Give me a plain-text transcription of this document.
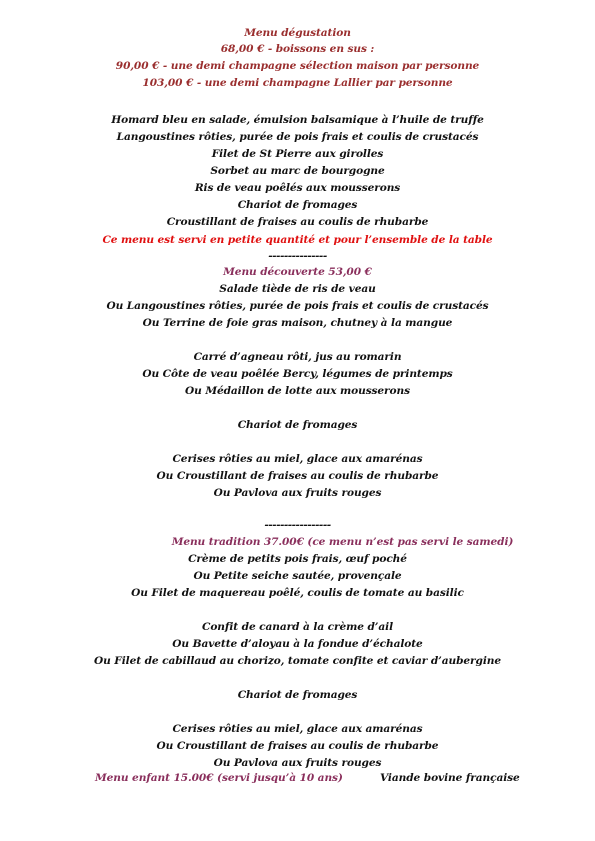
Menu dégustation
68,00 € - boissons en sus :
90,00 € - une demi champagne sélection maison par personne
103,00 € - une demi champagne Lallier par personne
Homard bleu en salade, émulsion balsamique à l’huile de truffe
Langoustines rôties, purée de pois frais et coulis de crustacés
Filet de St Pierre aux girolles
Sorbet au marc de bourgogne
Ris de veau poêlés aux mousserons
Chariot de fromages
Croustillant de fraises au coulis de rhubarbe
Ce menu est servi en petite quantité et pour l’ensemble de la table
---------------
Menu découverte 53,00 €
Salade tiède de ris de veau
Ou Langoustines rôties, purée de pois frais et coulis de crustacés
Ou Terrine de foie gras maison, chutney à la mangue
Carré d’agneau rôti, jus au romarin
Ou Côte de veau poêlée Bercy, légumes de printemps
Ou Médaillon de lotte aux mousserons
Chariot de fromages
Cerises rôties au miel, glace aux amarénas
Ou Croustillant de fraises au coulis de rhubarbe
Ou Pavlova aux fruits rouges
-----------------
Menu tradition 37.00€ (ce menu n’est pas servi le samedi)
Crème de petits pois frais, œuf poché
Ou Petite seiche sautée, provençale
Ou Filet de maquereau poêlé, coulis de tomate au basilic
Confit de canard à la crème d’ail
Ou Bavette d’aloyau à la fondue d’échalote
Ou Filet de cabillaud au chorizo, tomate confite et caviar d’aubergine
Chariot de fromages
Cerises rôties au miel, glace aux amarénas
Ou Croustillant de fraises au coulis de rhubarbe
Ou Pavlova aux fruits rouges
Menu enfant 15.00€ (servi jusqu’à 10 ans)	Viande bovine française
